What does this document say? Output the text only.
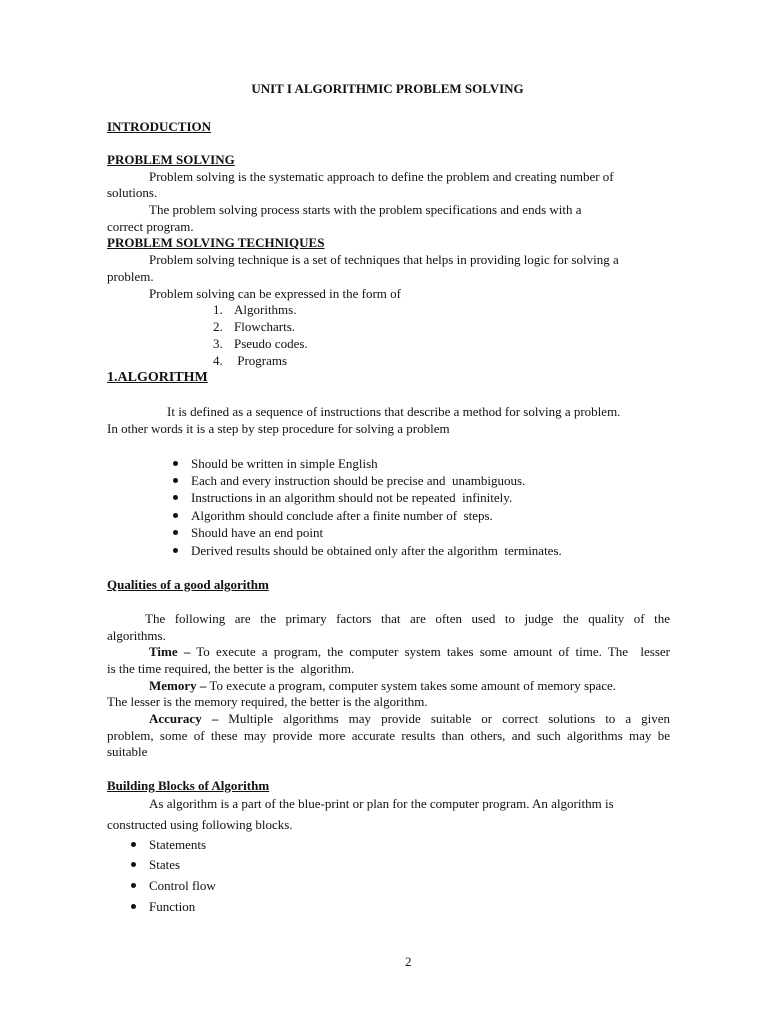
UNIT I ALGORITHMIC PROBLEM SOLVING
INTRODUCTION
PROBLEM SOLVING
Problem solving is the systematic approach to define the problem and creating number of
solutions.
The problem solving process starts with the problem specifications and ends with a
correct program.
PROBLEM SOLVING TECHNIQUES
Problem solving technique is a set of techniques that helps in providing logic for solving a
problem.
Problem solving can be expressed in the form of
1. Algorithms.
2. Flowcharts.
3. Pseudo codes.
4. Programs
1.ALGORITHM
It is defined as a sequence of instructions that describe a method for solving a problem.
In other words it is a step by step procedure for solving a problem
Should be written in simple English
Each and every instruction should be precise and  unambiguous.
Instructions in an algorithm should not be repeated  infinitely.
Algorithm should conclude after a finite number of  steps.
Should have an end point
Derived results should be obtained only after the algorithm  terminates.
Qualities of a good algorithm
The following are the primary factors that are often used to judge the quality of the
algorithms.
Time – To execute a program, the computer system takes some amount of time. The  lesser
is the time required, the better is the  algorithm.
Memory – To execute a program, computer system takes some amount of memory space.
The lesser is the memory required, the better is the algorithm.
Accuracy – Multiple algorithms may provide suitable or correct solutions to a given
problem, some of these may provide more accurate results than others, and such algorithms may be
suitable
Building Blocks of Algorithm
As algorithm is a part of the blue-print or plan for the computer program. An algorithm is
constructed using following blocks.
Statements
States
Control flow
Function
2
